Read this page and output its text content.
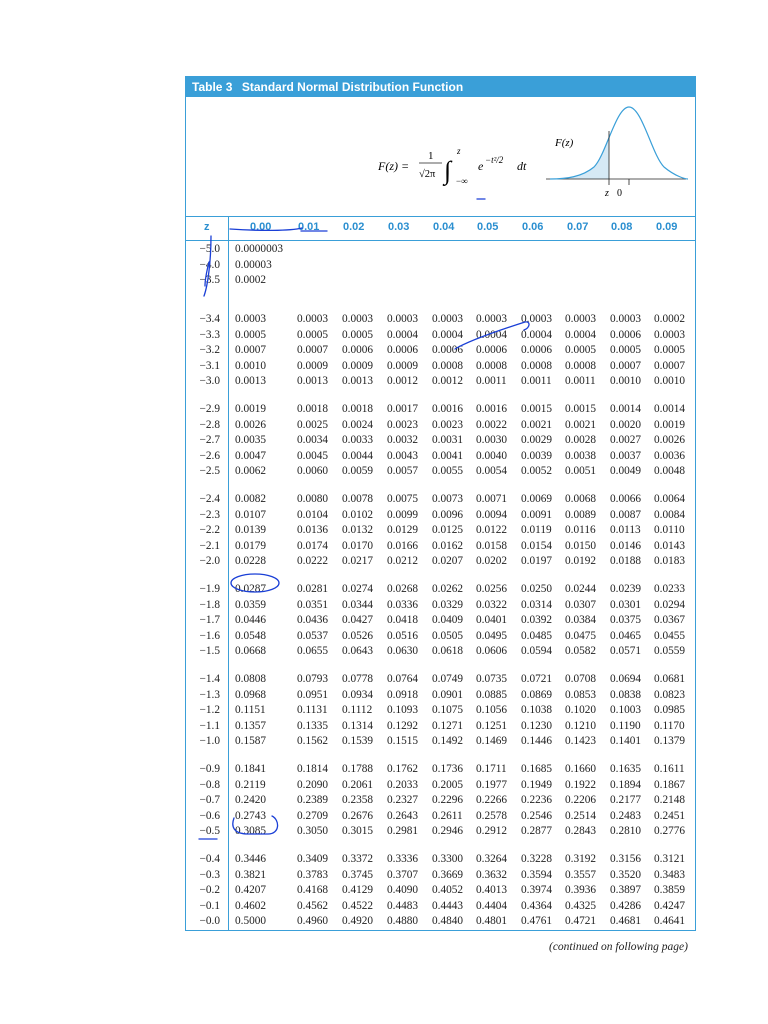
Table 3 Standard Normal Distribution Function
F(z) =
1
√2π ∫
z
−∞
e −t²/2 dt
F(z)
z 0
z	0.00 0.01 0.02 0.03 0.04 0.05 0.06 0.07 0.08 0.09
−5.0 0.0000003
−4.0 0.00003
−3.5 0.0002
−3.4 0.0003	0.0003 0.0003 0.0003 0.0003 0.0003 0.0003 0.0003 0.0003 0.0002
−3.3 0.0005	0.0005 0.0005 0.0004 0.0004 0.0004 0.0004 0.0004 0.0006 0.0003
−3.2 0.0007	0.0007 0.0006 0.0006 0.0006 0.0006 0.0006 0.0005 0.0005 0.0005
−3.1 0.0010	0.0009 0.0009 0.0009 0.0008 0.0008 0.0008 0.0008 0.0007 0.0007
−3.0 0.0013	0.0013 0.0013 0.0012 0.0012 0.0011 0.0011 0.0011 0.0010 0.0010
−2.9 0.0019	0.0018 0.0018 0.0017 0.0016 0.0016 0.0015 0.0015 0.0014 0.0014
−2.8 0.0026	0.0025 0.0024 0.0023 0.0023 0.0022 0.0021 0.0021 0.0020 0.0019
−2.7 0.0035	0.0034 0.0033 0.0032 0.0031 0.0030 0.0029 0.0028 0.0027 0.0026
−2.6 0.0047	0.0045 0.0044 0.0043 0.0041 0.0040 0.0039 0.0038 0.0037 0.0036
−2.5 0.0062	0.0060 0.0059 0.0057 0.0055 0.0054 0.0052 0.0051 0.0049 0.0048
−2.4 0.0082	0.0080 0.0078 0.0075 0.0073 0.0071 0.0069 0.0068 0.0066 0.0064
−2.3 0.0107	0.0104 0.0102 0.0099 0.0096 0.0094 0.0091 0.0089 0.0087 0.0084
−2.2 0.0139	0.0136 0.0132 0.0129 0.0125 0.0122 0.0119 0.0116 0.0113 0.0110
−2.1 0.0179	0.0174 0.0170 0.0166 0.0162 0.0158 0.0154 0.0150 0.0146 0.0143
−2.0 0.0228	0.0222 0.0217 0.0212 0.0207 0.0202 0.0197 0.0192 0.0188 0.0183
−1.9 0.0287	0.0281 0.0274 0.0268 0.0262 0.0256 0.0250 0.0244 0.0239 0.0233
−1.8 0.0359	0.0351 0.0344 0.0336 0.0329 0.0322 0.0314 0.0307 0.0301 0.0294
−1.7 0.0446	0.0436 0.0427 0.0418 0.0409 0.0401 0.0392 0.0384 0.0375 0.0367
−1.6 0.0548	0.0537 0.0526 0.0516 0.0505 0.0495 0.0485 0.0475 0.0465 0.0455
−1.5 0.0668	0.0655 0.0643 0.0630 0.0618 0.0606 0.0594 0.0582 0.0571 0.0559
−1.4 0.0808	0.0793 0.0778 0.0764 0.0749 0.0735 0.0721 0.0708 0.0694 0.0681
−1.3 0.0968	0.0951 0.0934 0.0918 0.0901 0.0885 0.0869 0.0853 0.0838 0.0823
−1.2 0.1151	0.1131 0.1112 0.1093 0.1075 0.1056 0.1038 0.1020 0.1003 0.0985
−1.1 0.1357	0.1335 0.1314 0.1292 0.1271 0.1251 0.1230 0.1210 0.1190 0.1170
−1.0 0.1587	0.1562 0.1539 0.1515 0.1492 0.1469 0.1446 0.1423 0.1401 0.1379
−0.9 0.1841	0.1814 0.1788 0.1762 0.1736 0.1711 0.1685 0.1660 0.1635 0.1611
−0.8 0.2119	0.2090 0.2061 0.2033 0.2005 0.1977 0.1949 0.1922 0.1894 0.1867
−0.7 0.2420	0.2389 0.2358 0.2327 0.2296 0.2266 0.2236 0.2206 0.2177 0.2148
−0.6 0.2743	0.2709 0.2676 0.2643 0.2611 0.2578 0.2546 0.2514 0.2483 0.2451
−0.5 0.3085	0.3050 0.3015 0.2981 0.2946 0.2912 0.2877 0.2843 0.2810 0.2776
−0.4 0.3446	0.3409 0.3372 0.3336 0.3300 0.3264 0.3228 0.3192 0.3156 0.3121
−0.3 0.3821	0.3783 0.3745 0.3707 0.3669 0.3632 0.3594 0.3557 0.3520 0.3483
−0.2 0.4207	0.4168 0.4129 0.4090 0.4052 0.4013 0.3974 0.3936 0.3897 0.3859
−0.1 0.4602	0.4562 0.4522 0.4483 0.4443 0.4404 0.4364 0.4325 0.4286 0.4247
−0.0 0.5000	0.4960 0.4920 0.4880 0.4840 0.4801 0.4761 0.4721 0.4681 0.4641
(continued on following page)
